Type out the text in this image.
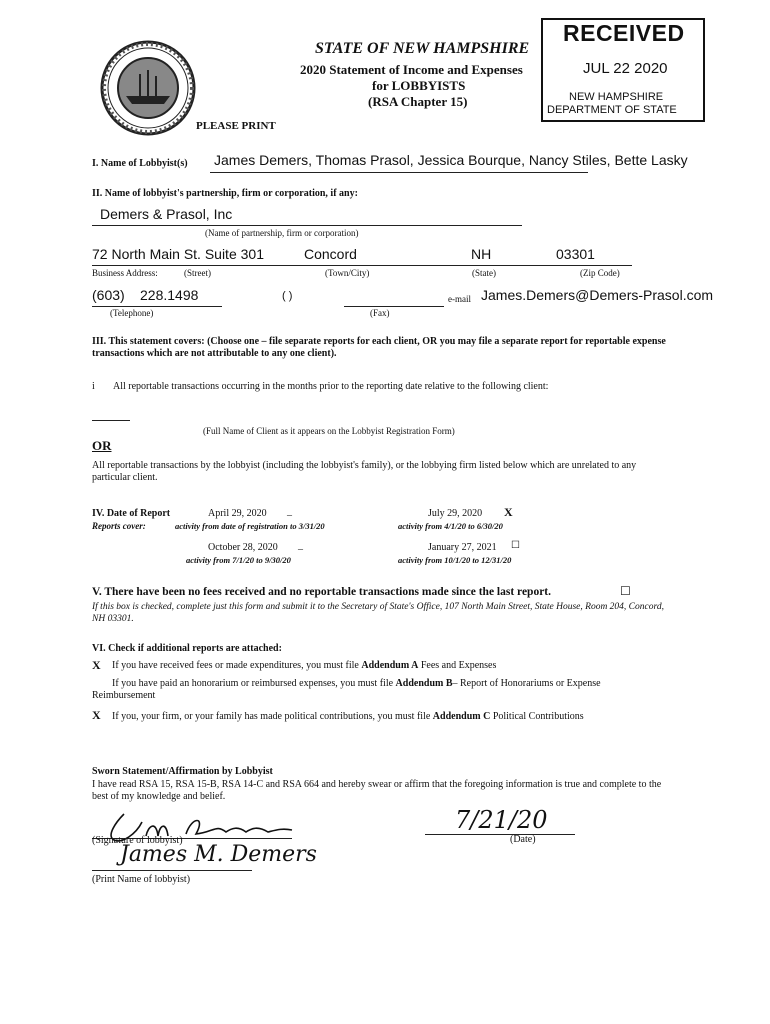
STATE OF NEW HAMPSHIRE
2020 Statement of Income and Expenses
for LOBBYISTS
(RSA Chapter 15)
PLEASE PRINT
RECEIVED
JUL 22 2020
NEW HAMPSHIRE
DEPARTMENT OF STATE
I. Name of Lobbyist(s) James Demers, Thomas Prasol, Jessica Bourque, Nancy Stiles, Bette Lasky
II. Name of lobbyist's partnership, firm or corporation, if any:
Demers & Prasol, Inc
(Name of partnership, firm or corporation)
72 North Main St. Suite 301	Concord	NH	03301
Business Address:	(Street)	(Town/City)	(State)	(Zip Code)
(603) 228.1498
(Telephone)
( )
(Fax)
e-mail James.Demers@Demers-Prasol.com
III. This statement covers: (Choose one – file separate reports for each client, OR you may file a separate report for reportable expense transactions which are not attributable to any one client).
i All reportable transactions occurring in the months prior to the reporting date relative to the following client:
(Full Name of Client as it appears on the Lobbyist Registration Form)
OR
All reportable transactions by the lobbyist (including the lobbyist's family), or the lobbying firm listed below which are unrelated to any particular client.
IV. Date of Report
Reports cover:
April 29, 2020 _
activity from date of registration to 3/31/20
July 29, 2020 X
activity from 4/1/20 to 6/30/20
October 28, 2020 _
activity from 7/1/20 to 9/30/20
January 27, 2021 ☐
activity from 10/1/20 to 12/31/20
V. There have been no fees received and no reportable transactions made since the last report.	☐
If this box is checked, complete just this form and submit it to the Secretary of State's Office, 107 North Main Street, State House, Room 204, Concord, NH 03301.
VI. Check if additional reports are attached:
X If you have received fees or made expenditures, you must file Addendum A Fees and Expenses
If you have paid an honorarium or reimbursed expenses, you must file Addendum B– Report of Honorariums or Expense Reimbursement
X If you, your firm, or your family has made political contributions, you must file Addendum C Political Contributions
Sworn Statement/Affirmation by Lobbyist
I have read RSA 15, RSA 15-B, RSA 14-C and RSA 664 and hereby swear or affirm that the foregoing information is true and complete to the best of my knowledge and belief.
(Signature of lobbyist)
7/21/20
(Date)
James M. Demers
(Print Name of lobbyist)
